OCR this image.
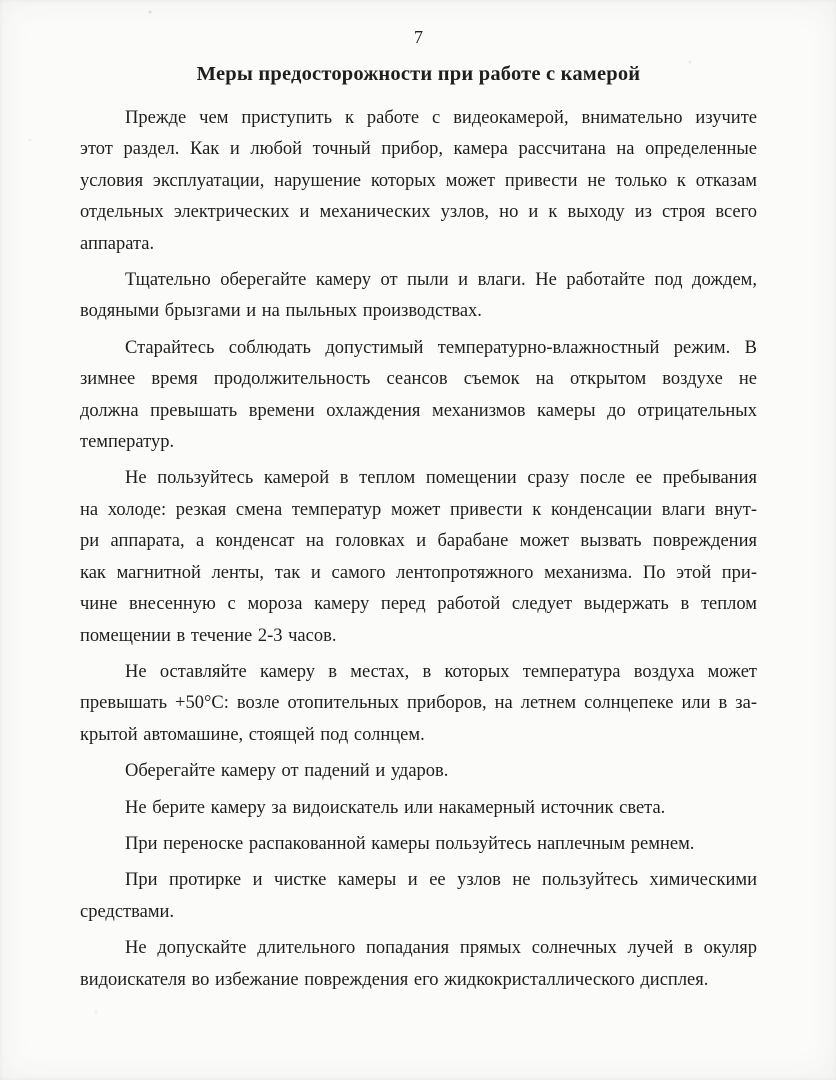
7
Меры предосторожности при работе с камерой
Прежде чем приступить к работе с видеокамерой, внимательно изучите
этот раздел. Как и любой точный прибор, камера рассчитана на определенные
условия эксплуатации, нарушение которых может привести не только к отказам
отдельных электрических и механических узлов, но и к выходу из строя всего
аппарата.
Тщательно оберегайте камеру от пыли и влаги. Не работайте под дождем,
водяными брызгами и на пыльных производствах.
Старайтесь соблюдать допустимый температурно-влажностный режим. В
зимнее время продолжительность сеансов съемок на открытом воздухе не
должна превышать времени охлаждения механизмов камеры до отрицательных
температур.
Не пользуйтесь камерой в теплом помещении сразу после ее пребывания
на холоде: резкая смена температур может привести к конденсации влаги внут-
ри аппарата, а конденсат на головках и барабане может вызвать повреждения
как магнитной ленты, так и самого лентопротяжного механизма. По этой при-
чине внесенную с мороза камеру перед работой следует выдержать в теплом
помещении в течение 2-3 часов.
Не оставляйте камеру в местах, в которых температура воздуха может
превышать +50°С: возле отопительных приборов, на летнем солнцепеке или в за-
крытой автомашине, стоящей под солнцем.
Оберегайте камеру от падений и ударов.
Не берите камеру за видоискатель или накамерный источник света.
При переноске распакованной камеры пользуйтесь наплечным ремнем.
При протирке и чистке камеры и ее узлов не пользуйтесь химическими
средствами.
Не допускайте длительного попадания прямых солнечных лучей в окуляр
видоискателя во избежание повреждения его жидкокристаллического дисплея.
